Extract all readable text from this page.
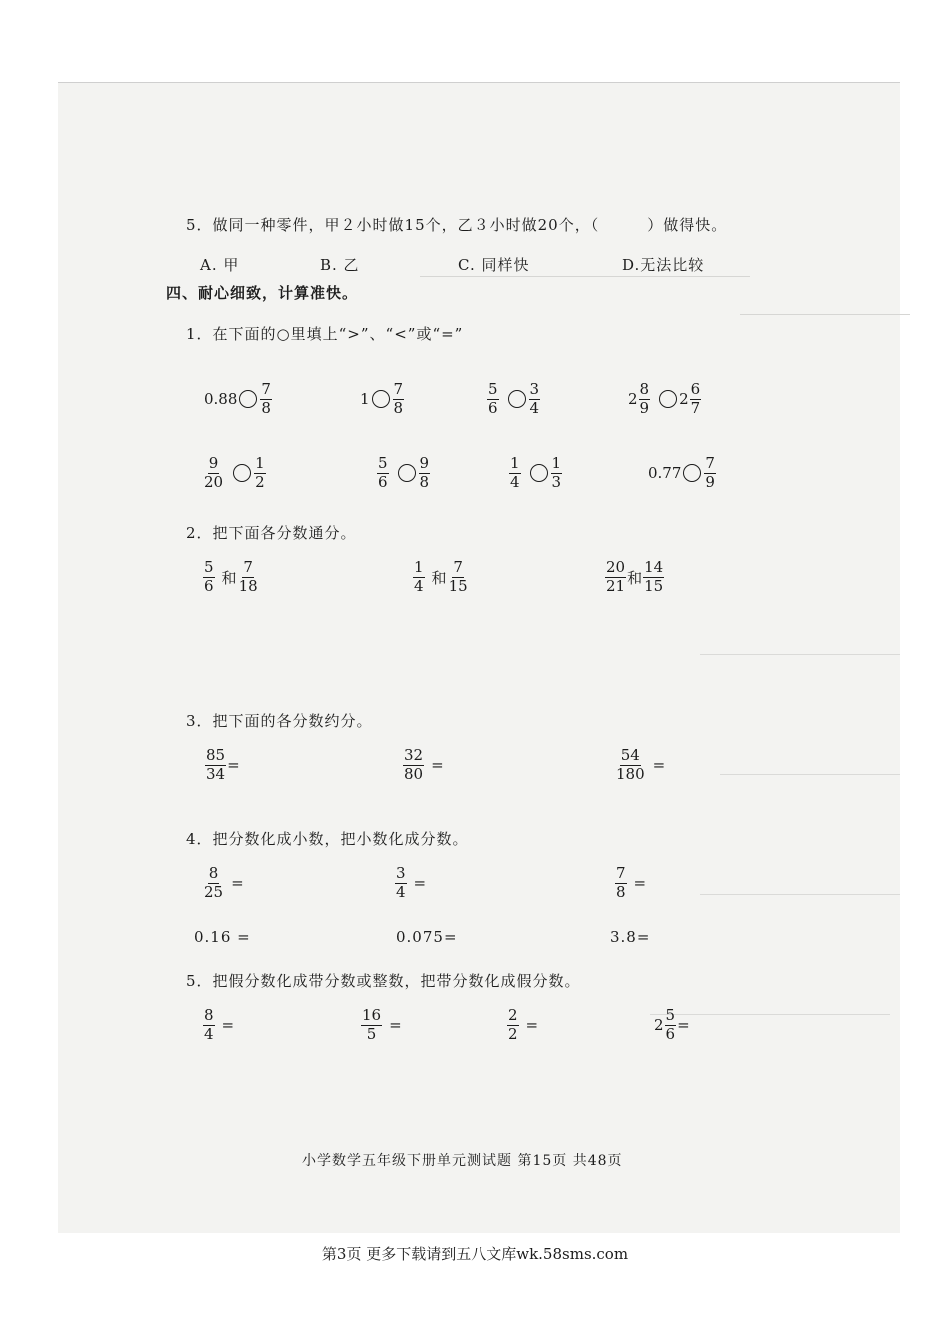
5．做同一种零件，甲２小时做15个，乙３小时做20个，（　　　）做得快。
A. 甲	B. 乙	C. 同样快	D.无法比较
四、耐心细致，计算准快。
1．在下面的○里填上“>”、“<”或“=”
$0.88 \frac{7}{8}$	$1 \frac{7}{8}$	$\frac{5}{6} \frac{3}{4}$	$2 \frac{8}{9} 2 \frac{6}{7}$
$\frac{9}{20} \frac{1}{2}$	$\frac{5}{6} \frac{9}{8}$	$\frac{1}{4} \frac{1}{3}$	$0.77 \frac{7}{9}$
2．把下面各分数通分。
$\frac{5}{6}$ 和 $\frac{7}{18}$	$\frac{1}{4}$ 和 $\frac{7}{15}$	$\frac{20}{21}$ 和 $\frac{14}{15}$
3．把下面的各分数约分。
$\frac{85}{34}$ =	$\frac{32}{80}$ =	$\frac{54}{180}$ =
4．把分数化成小数，把小数化成分数。
$\frac{8}{25}$ =	$\frac{3}{4}$ =	$\frac{7}{8}$ =
0.16 =	0.075=	3.8=
5．把假分数化成带分数或整数，把带分数化成假分数。
$\frac{8}{4}$ =	$\frac{16}{5}$ =	$\frac{2}{2}$ =	$2 \frac{5}{6}$ =
小学数学五年级下册单元测试题 第15页 共48页
第3页 更多下载请到五八文库wk.58sms.com
